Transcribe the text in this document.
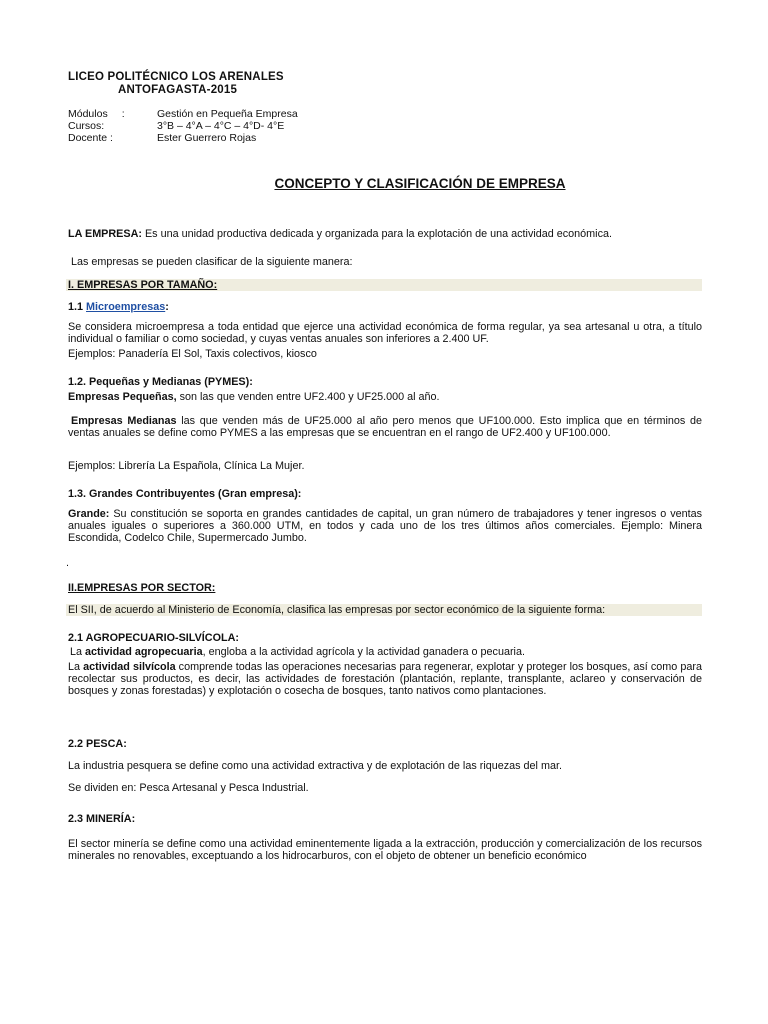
LICEO POLITÉCNICO LOS ARENALES
ANTOFAGASTA-2015
Módulos :	Gestión en Pequeña Empresa
Cursos:	3°B – 4°A – 4°C – 4°D- 4°E
Docente :	Ester Guerrero Rojas
CONCEPTO Y CLASIFICACIÓN DE EMPRESA
LA EMPRESA: Es una unidad productiva dedicada y organizada para la explotación de una actividad económica.
Las empresas se pueden clasificar de la siguiente manera:
I. EMPRESAS POR TAMAÑO:
1.1 Microempresas:
Se considera microempresa a toda entidad que ejerce una actividad económica de forma regular, ya sea artesanal u otra, a título individual o familiar o como sociedad, y cuyas ventas anuales son inferiores a 2.400 UF.
Ejemplos: Panadería El Sol, Taxis colectivos, kiosco
1.2. Pequeñas y Medianas (PYMES):
Empresas Pequeñas, son las que venden entre UF2.400 y UF25.000 al año.
Empresas Medianas las que venden más de UF25.000 al año pero menos que UF100.000. Esto implica que en términos de ventas anuales se define como PYMES a las empresas que se encuentran en el rango de UF2.400 y UF100.000.
Ejemplos: Librería La Española, Clínica La Mujer.
1.3. Grandes Contribuyentes (Gran empresa):
Grande: Su constitución se soporta en grandes cantidades de capital, un gran número de trabajadores y tener ingresos o ventas anuales iguales o superiores a 360.000 UTM, en todos y cada uno de los tres últimos años comerciales. Ejemplo: Minera Escondida, Codelco Chile, Supermercado Jumbo.
.
II.EMPRESAS POR SECTOR:
El SII, de acuerdo al Ministerio de Economía, clasifica las empresas por sector económico de la siguiente forma:
2.1 AGROPECUARIO-SILVÍCOLA:
La actividad agropecuaria, engloba a la actividad agrícola y la actividad ganadera o pecuaria.
La actividad silvícola comprende todas las operaciones necesarias para regenerar, explotar y proteger los bosques, así como para recolectar sus productos, es decir, las actividades de forestación (plantación, replante, transplante, aclareo y conservación de bosques y zonas forestadas) y explotación o cosecha de bosques, tanto nativos como plantaciones.
2.2 PESCA:
La industria pesquera se define como una actividad extractiva y de explotación de las riquezas del mar.
Se dividen en: Pesca Artesanal y Pesca Industrial.
2.3 MINERÍA:
El sector minería se define como una actividad eminentemente ligada a la extracción, producción y comercialización de los recursos minerales no renovables, exceptuando a los hidrocarburos, con el objeto de obtener un beneficio económico
